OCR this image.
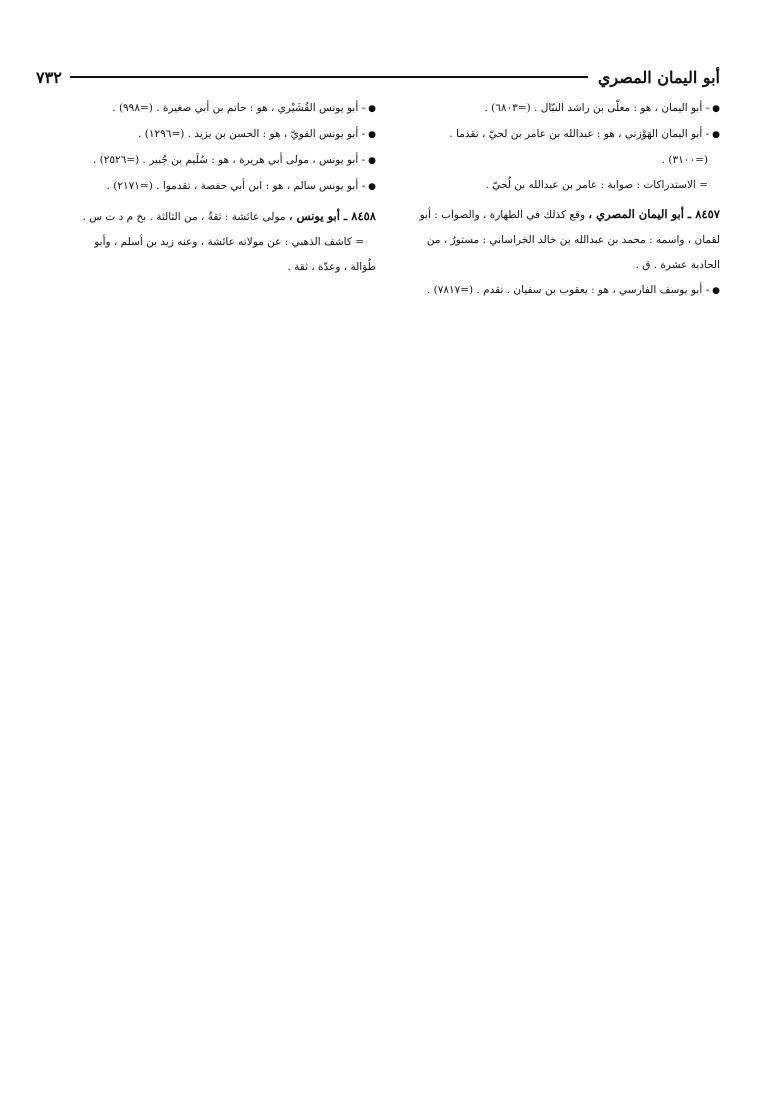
أبو اليمان المصري
٧٣٢
● - أبو اليمان ، هو : معلّى بن راشد النبّال . (=٦٨٠٣) .
● - أبو اليمان الهَوْزني ، هو : عبدالله بن عامر بن لحيّ ، تقدما .
(=٣١٠٠) .
= الاستدراكات : صوابة : عامر بن عبدالله بن لُحيّ .
٨٤٥٧ ـ أبو اليمان المصري ، وقع كذلك في الطهارة ، والصواب : أبو
لقمان ، واسمه : محمد بن عبدالله بن خالد الخراساني : مستورٌ ، من
الحادية عشرة . ق .
● - أبو يوسف الفارسي ، هو : يعقوب بن سفيان . تقدم . (=٧٨١٧) .
● - أبو يونس القُشَيْري ، هو : حاتم بن أبي صغيرة . (=٩٩٨) .
● - أبو يونس القويّ ، هو : الحسن بن يزيد . (=١٢٩٦) .
● - أبو يونس ، مولى أبي هريرة ، هو : سُلَيم بن جُبير . (=٢٥٢٦) .
● - أبو يونس سالم ، هو : ابن أبي حفصة ، تقدموا . (=٢١٧١) .
٨٤٥٨ ـ أبو يونس ، مولى عائشة : ثقةٌ ، من الثالثة . بخ م د ت س .
= كاشف الذهبي : عن مولاته عائشة ، وعنه زيد بن أسلم ، وأبو
طُوَالة ، وعدّة ، ثقة .
